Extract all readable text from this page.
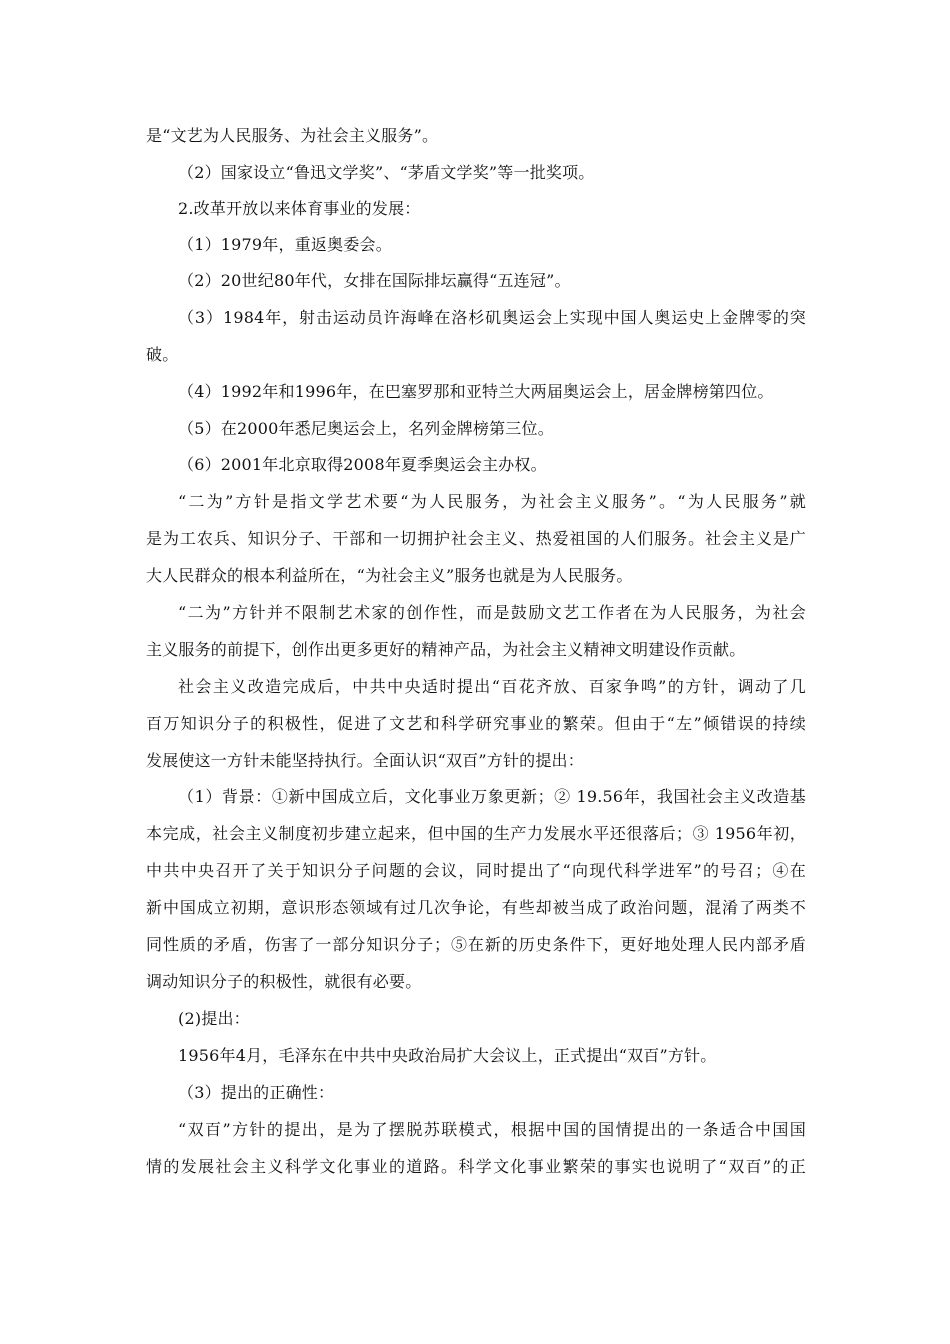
是“文艺为人民服务、为社会主义服务”。
（2）国家设立“鲁迅文学奖”、“茅盾文学奖”等一批奖项。
2.改革开放以来体育事业的发展：
（1）1979年，重返奥委会。
（2）20世纪80年代，女排在国际排坛赢得“五连冠”。
（3）1984年，射击运动员许海峰在洛杉矶奥运会上实现中国人奥运史上金牌零的突
破。
（4）1992年和1996年，在巴塞罗那和亚特兰大两届奥运会上，居金牌榜第四位。
（5）在2000年悉尼奥运会上，名列金牌榜第三位。
（6）2001年北京取得2008年夏季奥运会主办权。
“二为”方针是指文学艺术要“为人民服务，为社会主义服务”。“为人民服务”就
是为工农兵、知识分子、干部和一切拥护社会主义、热爱祖国的人们服务。社会主义是广
大人民群众的根本利益所在，“为社会主义”服务也就是为人民服务。
“二为”方针并不限制艺术家的创作性，而是鼓励文艺工作者在为人民服务，为社会
主义服务的前提下，创作出更多更好的精神产品，为社会主义精神文明建设作贡献。
社会主义改造完成后，中共中央适时提出“百花齐放、百家争鸣”的方针，调动了几
百万知识分子的积极性，促进了文艺和科学研究事业的繁荣。但由于“左”倾错误的持续
发展使这一方针未能坚持执行。全面认识“双百”方针的提出：
（1）背景：①新中国成立后，文化事业万象更新；② 19.56年，我国社会主义改造基
本完成，社会主义制度初步建立起来，但中国的生产力发展水平还很落后；③ 1956年初，
中共中央召开了关于知识分子问题的会议，同时提出了“向现代科学进军”的号召；④在
新中国成立初期，意识形态领域有过几次争论，有些却被当成了政治问题，混淆了两类不
同性质的矛盾，伤害了一部分知识分子；⑤在新的历史条件下，更好地处理人民内部矛盾
调动知识分子的积极性，就很有必要。
(2)提出：
1956年4月，毛泽东在中共中央政治局扩大会议上，正式提出“双百”方针。
（3）提出的正确性：
“双百”方针的提出，是为了摆脱苏联模式，根据中国的国情提出的一条适合中国国
情的发展社会主义科学文化事业的道路。科学文化事业繁荣的事实也说明了“双百”的正
